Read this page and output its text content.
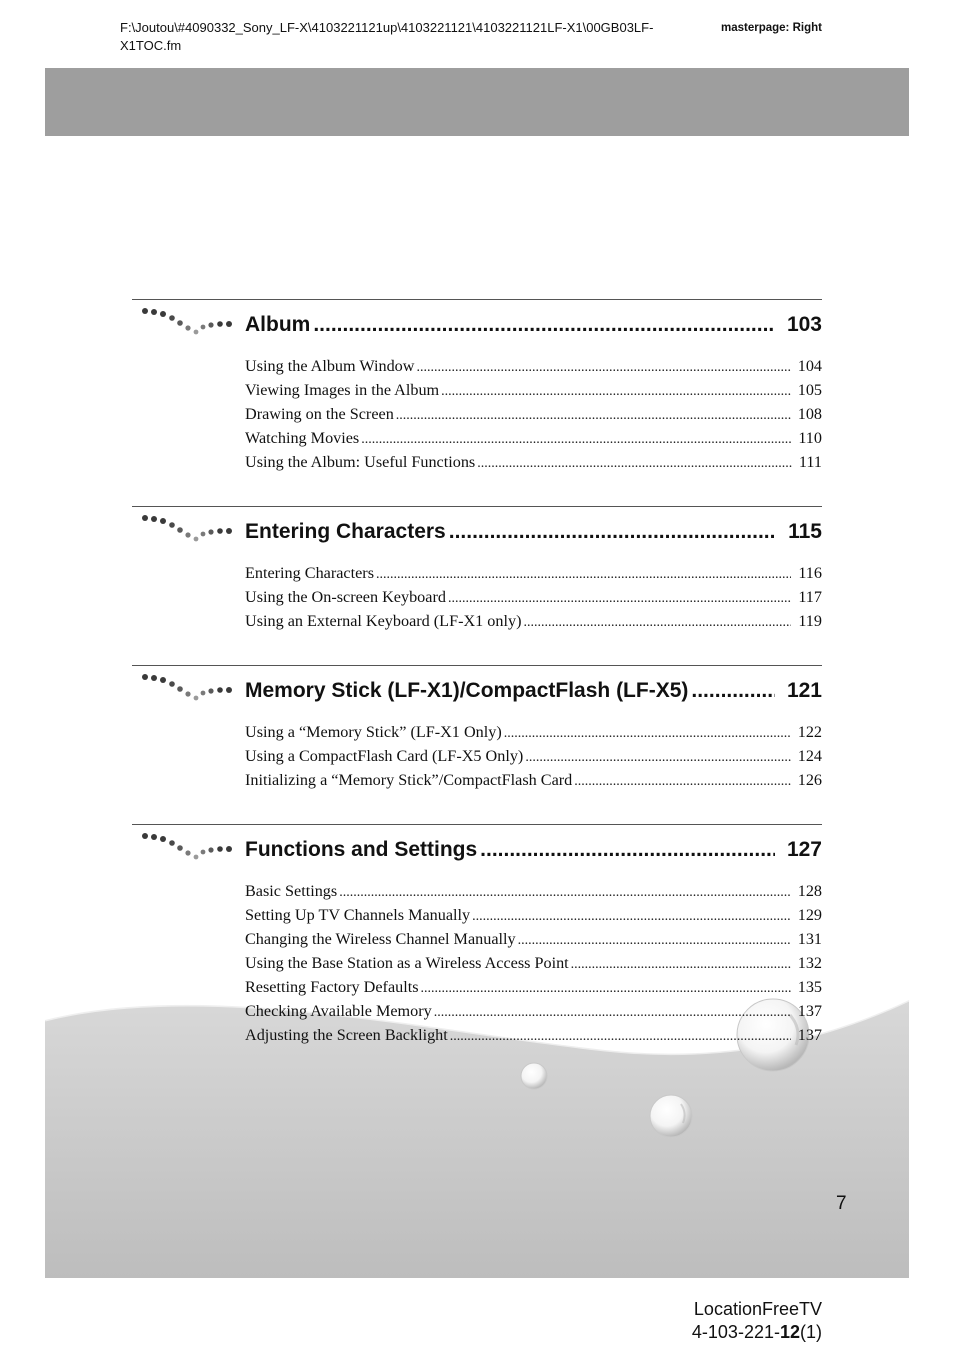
F:\Joutou\#4090332_Sony_LF-X\4103221121up\4103221121\4103221121LF-X1\00GB03LF-X1TOC.fm
masterpage: Right
Album .....	103
Using the Album Window .....	104
Viewing Images in the Album .....	105
Drawing on the Screen .....	108
Watching Movies .....	110
Using the Album: Useful Functions .....	111
Entering Characters .....	115
Entering Characters .....	116
Using the On-screen Keyboard .....	117
Using an External Keyboard (LF-X1 only) .....	119
Memory Stick (LF-X1)/CompactFlash (LF-X5) .....	121
Using a “Memory Stick” (LF-X1 Only) .....	122
Using a CompactFlash Card (LF-X5 Only) .....	124
Initializing a “Memory Stick”/CompactFlash Card .....	126
Functions and Settings .....	127
Basic Settings .....	128
Setting Up TV Channels Manually .....	129
Changing the Wireless Channel Manually .....	131
Using the Base Station as a Wireless Access Point .....	132
Resetting Factory Defaults .....	135
Checking Available Memory .....	137
Adjusting the Screen Backlight .....	137
7
LocationFreeTV
4-103-221-12(1)
